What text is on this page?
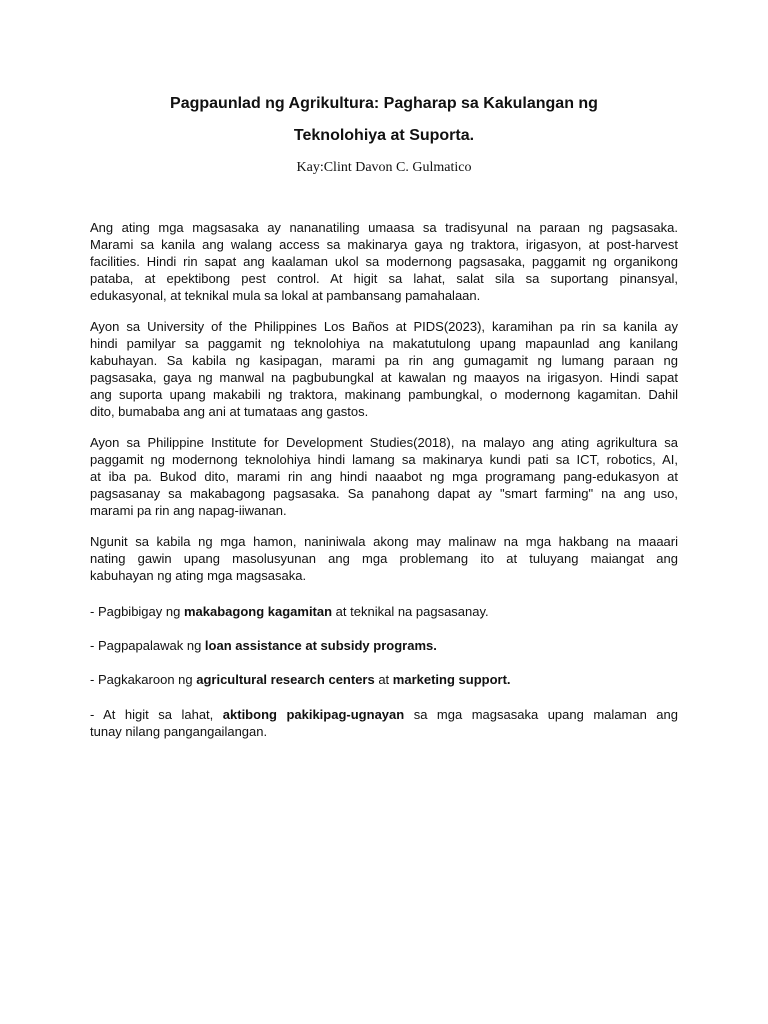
Pagpaunlad ng Agrikultura: Pagharap sa Kakulangan ng
Teknolohiya at Suporta.
Kay:Clint Davon C. Gulmatico
Ang ating mga magsasaka ay nananatiling umaasa sa tradisyunal na paraan ng pagsasaka.
Marami sa kanila ang walang access sa makinarya gaya ng traktora, irigasyon, at post-harvest
facilities. Hindi rin sapat ang kaalaman ukol sa modernong pagsasaka, paggamit ng organikong
pataba, at epektibong pest control. At higit sa lahat, salat sila sa suportang pinansyal,
edukasyonal, at teknikal mula sa lokal at pambansang pamahalaan.
Ayon sa University of the Philippines Los Baños at PIDS(2023), karamihan pa rin sa kanila ay
hindi pamilyar sa paggamit ng teknolohiya na makatutulong upang mapaunlad ang kanilang
kabuhayan. Sa kabila ng kasipagan, marami pa rin ang gumagamit ng lumang paraan ng
pagsasaka, gaya ng manwal na pagbubungkal at kawalan ng maayos na irigasyon. Hindi sapat
ang suporta upang makabili ng traktora, makinang pambungkal, o modernong kagamitan. Dahil
dito, bumababa ang ani at tumataas ang gastos.
Ayon sa Philippine Institute for Development Studies(2018), na malayo ang ating agrikultura sa
paggamit ng modernong teknolohiya hindi lamang sa makinarya kundi pati sa ICT, robotics, AI,
at iba pa. Bukod dito, marami rin ang hindi naaabot ng mga programang pang-edukasyon at
pagsasanay sa makabagong pagsasaka. Sa panahong dapat ay "smart farming" na ang uso,
marami pa rin ang napag-iiwanan.
Ngunit sa kabila ng mga hamon, naniniwala akong may malinaw na mga hakbang na maaari
nating gawin upang masolusyunan ang mga problemang ito at tuluyang maiangat ang
kabuhayan ng ating mga magsasaka.
- Pagbibigay ng makabagong kagamitan at teknikal na pagsasanay.
- Pagpapalawak ng loan assistance at subsidy programs.
- Pagkakaroon ng agricultural research centers at marketing support.
- At higit sa lahat, aktibong pakikipag-ugnayan sa mga magsasaka upang malaman ang
tunay nilang pangangailangan.
